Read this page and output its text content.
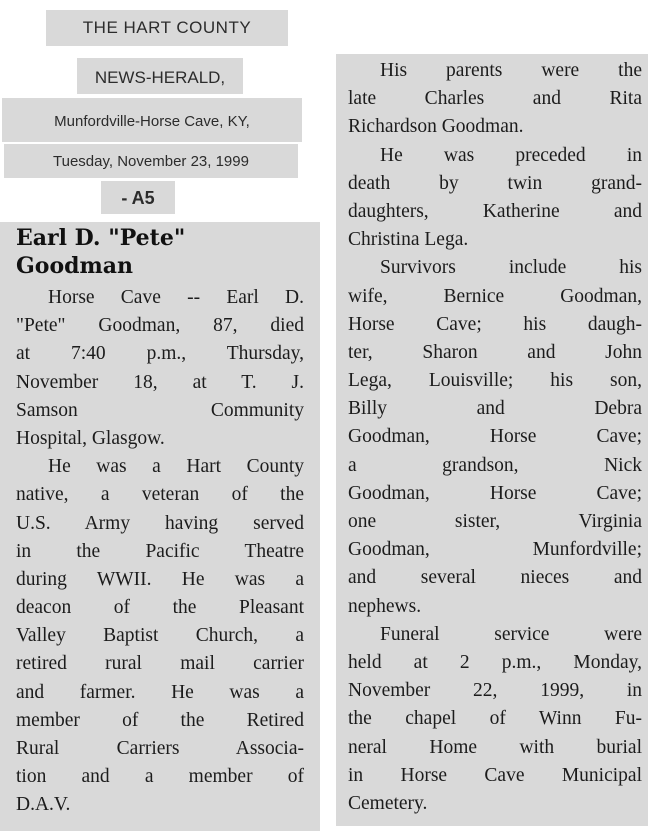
THE HART COUNTY
NEWS-HERALD,
Munfordville-Horse Cave, KY,
Tuesday, November 23, 1999
- A5
Earl D. "Pete"
Goodman
Horse Cave -- Earl D.
"Pete" Goodman, 87, died
at 7:40 p.m., Thursday,
November 18, at T. J.
Samson Community
Hospital, Glasgow.
He was a Hart County
native, a veteran of the
U.S. Army having served
in the Pacific Theatre
during WWII. He was a
deacon of the Pleasant
Valley Baptist Church, a
retired rural mail carrier
and farmer. He was a
member of the Retired
Rural Carriers Associa-
tion and a member of
D.A.V.
His parents were the
late Charles and Rita
Richardson Goodman.
He was preceded in
death by twin grand-
daughters, Katherine and
Christina Lega.
Survivors include his
wife, Bernice Goodman,
Horse Cave; his daugh-
ter, Sharon and John
Lega, Louisville; his son,
Billy and Debra
Goodman, Horse Cave;
a grandson, Nick
Goodman, Horse Cave;
one sister, Virginia
Goodman, Munfordville;
and several nieces and
nephews.
Funeral service were
held at 2 p.m., Monday,
November 22, 1999, in
the chapel of Winn Fu-
neral Home with burial
in Horse Cave Municipal
Cemetery.
